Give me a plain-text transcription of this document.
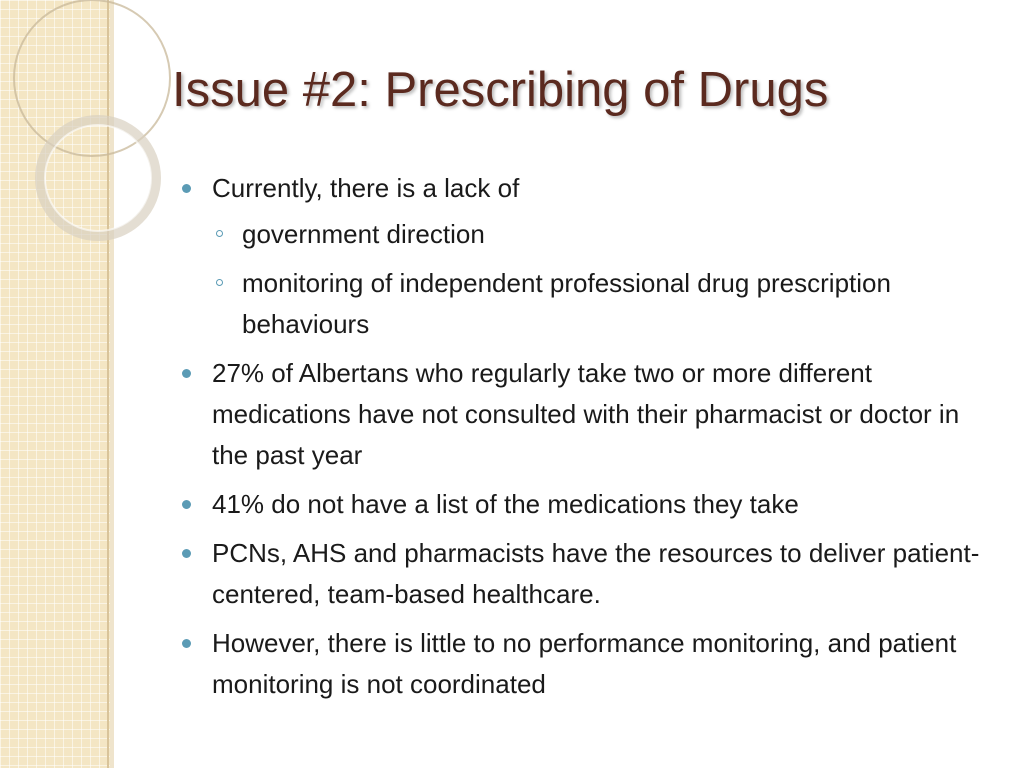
Issue #2: Prescribing of Drugs
Currently, there is a lack of
government direction
monitoring of independent professional drug prescription behaviours
27% of Albertans who regularly take two or more different medications have not consulted with their pharmacist or doctor in the past year
41% do not have a list of the medications they take
PCNs, AHS and pharmacists have the resources to deliver patient-centered, team-based healthcare.
However, there is little to no performance monitoring, and patient monitoring is not coordinated
